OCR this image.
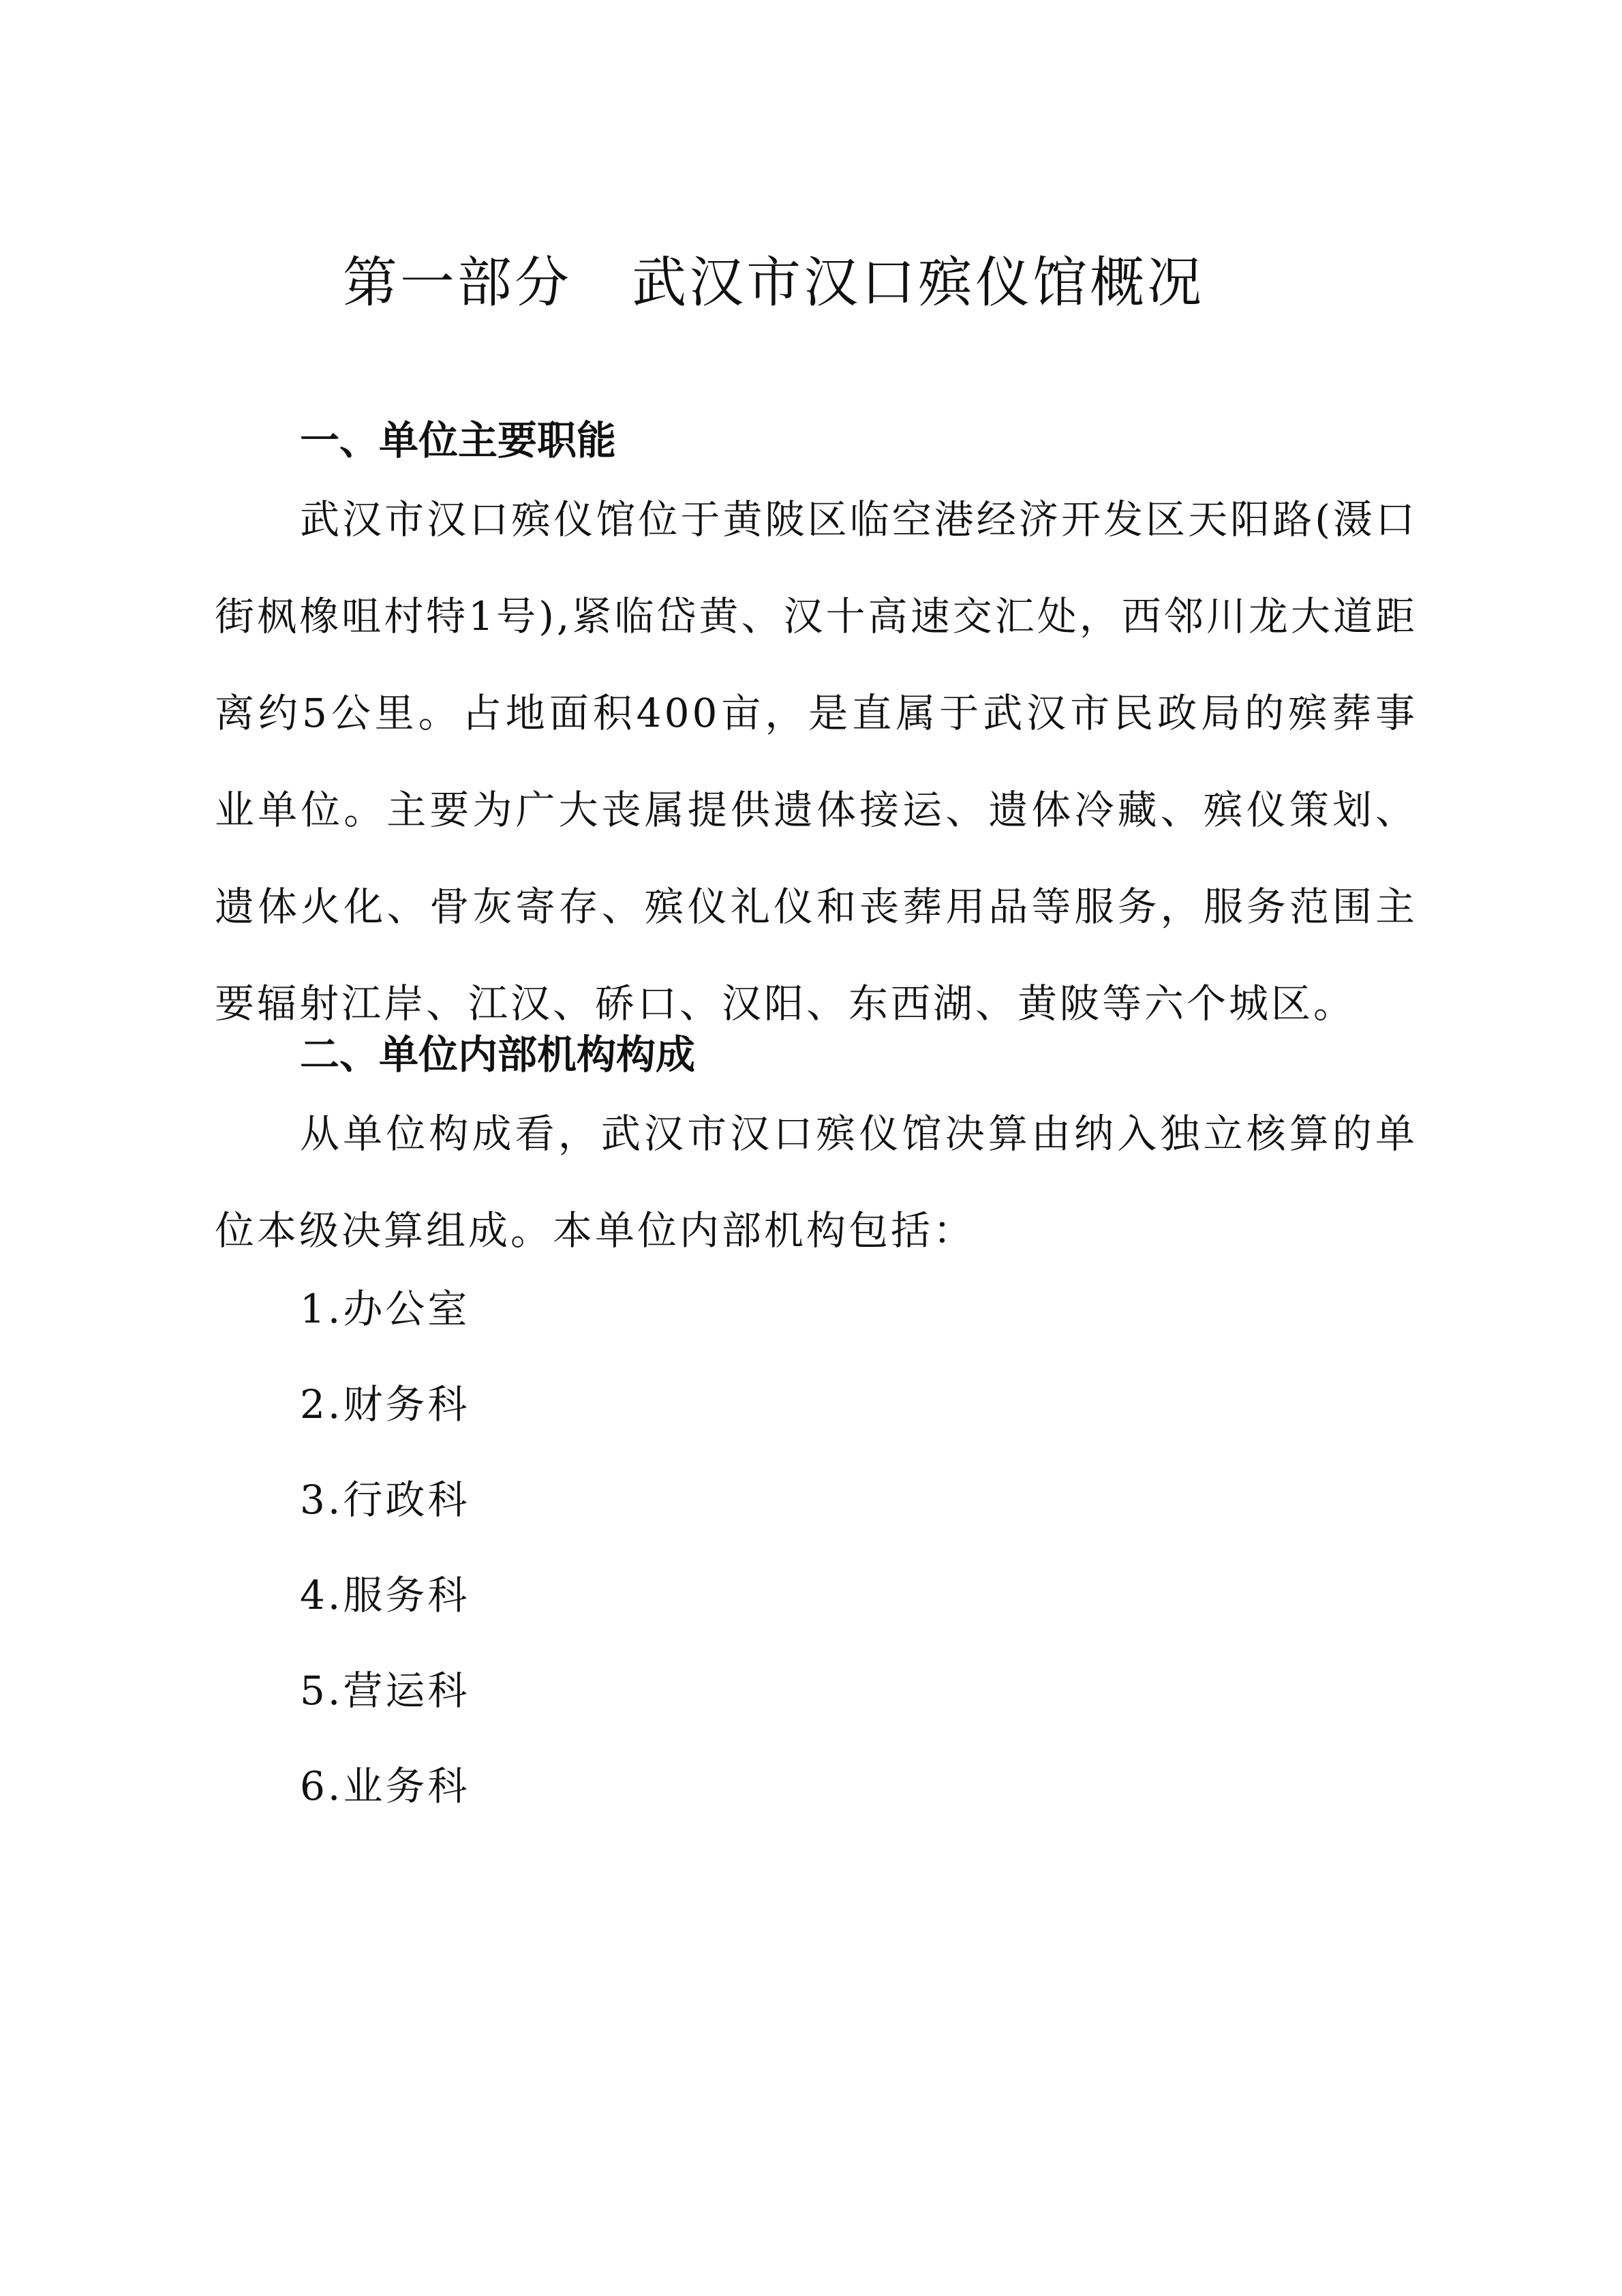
第一部分   武汉市汉口殡仪馆概况
一、单位主要职能

武汉市汉口殡仪馆位于黄陂区临空港经济开发区天阳路(滠口街枫橡咀村特1号),紧临岱黄、汉十高速交汇处，西邻川龙大道距离约5公里。占地面积400亩，是直属于武汉市民政局的殡葬事业单位。主要为广大丧属提供遗体接运、遗体冷藏、殡仪策划、遗体火化、骨灰寄存、殡仪礼仪和丧葬用品等服务，服务范围主要辐射江岸、江汉、硚口、汉阳、东西湖、黄陂等六个城区。

二、单位内部机构构成

从单位构成看，武汉市汉口殡仪馆决算由纳入独立核算的单位本级决算组成。本单位内部机构包括：

1.办公室
2.财务科
3.行政科
4.服务科
5.营运科
6.业务科
